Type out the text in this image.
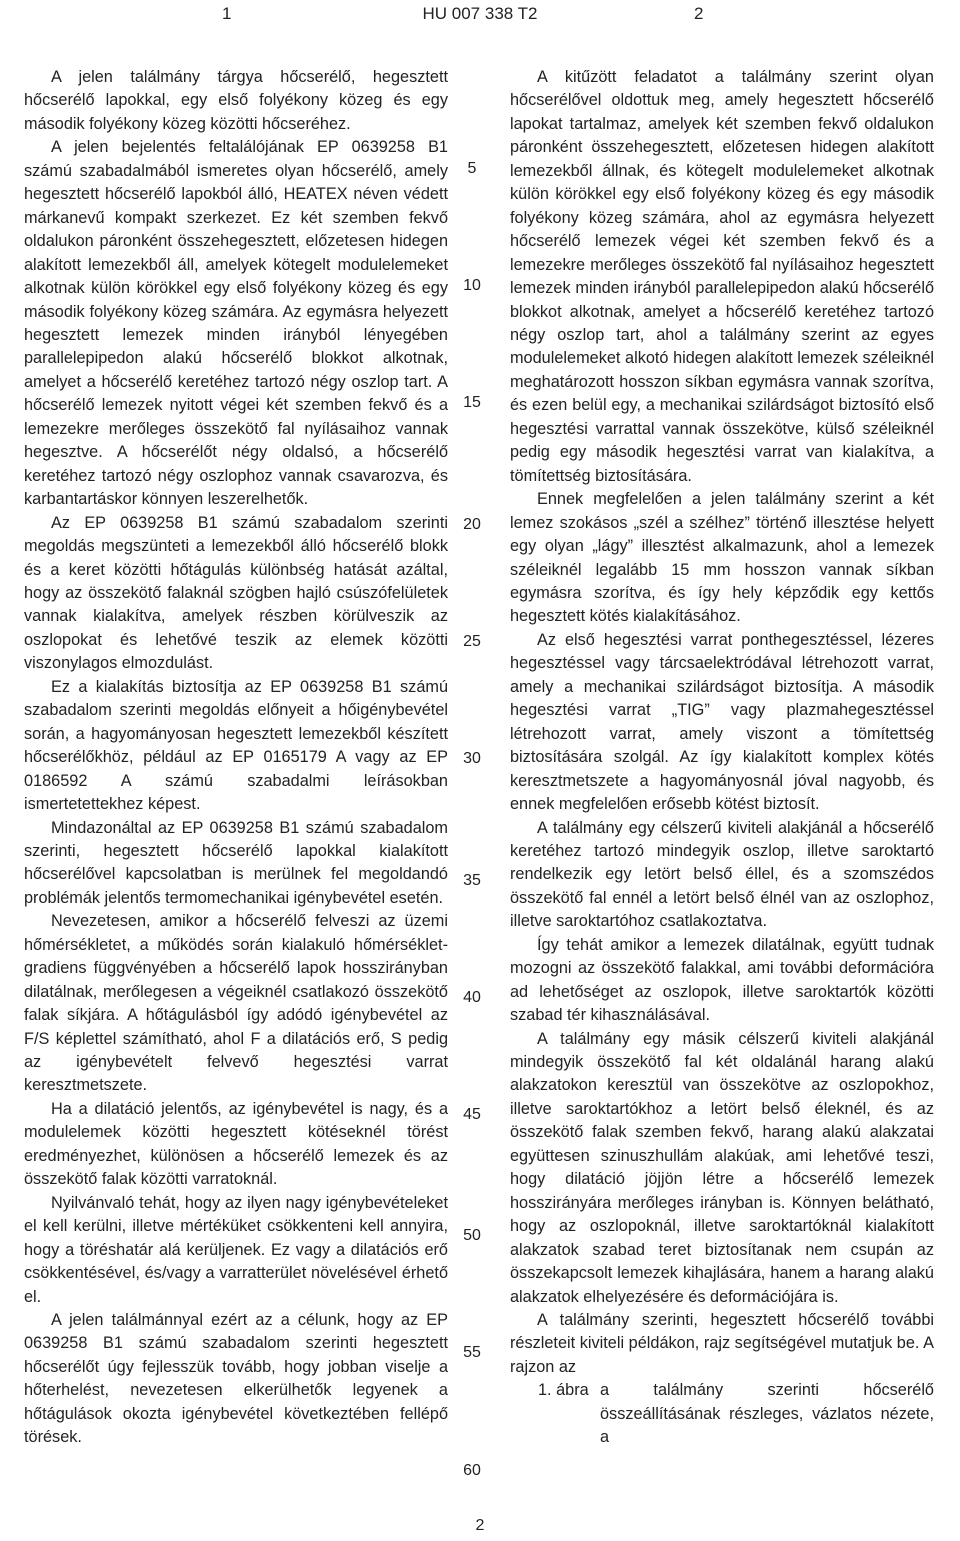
1	HU 007 338 T2	2

A jelen találmány tárgya hőcserélő, hegesztett hőcserélő lapokkal, egy első folyékony közeg és egy második folyékony közeg közötti hőcseréhez.

A jelen bejelentés feltalálójának EP 0639258 B1 számú szabadalmából ismeretes olyan hőcserélő, amely hegesztett hőcserélő lapokból álló, HEATEX néven védett márkanevű kompakt szerkezet. Ez két szemben fekvő oldalukon páronként összehegesztett, előzetesen hidegen alakított lemezekből áll, amelyek kötegelt modulelemeket alkotnak külön körökkel egy első folyékony közeg és egy második folyékony közeg számára. Az egymásra helyezett hegesztett lemezek minden irányból lényegében parallelepipedon alakú hőcserélő blokkot alkotnak, amelyet a hőcserélő keretéhez tartozó négy oszlop tart. A hőcserélő lemezek nyitott végei két szemben fekvő és a lemezekre merőleges összekötő fal nyílásaihoz vannak hegesztve. A hőcserélőt négy oldalsó, a hőcserélő keretéhez tartozó négy oszlophoz vannak csavarozva, és karbantartáskor könnyen leszerelhetők.

Az EP 0639258 B1 számú szabadalom szerinti megoldás megszünteti a lemezekből álló hőcserélő blokk és a keret közötti hőtágulás különbség hatását azáltal, hogy az összekötő falaknál szögben hajló csúszófelületek vannak kialakítva, amelyek részben körülveszik az oszlopokat és lehetővé teszik az elemek közötti viszonylagos elmozdulást.

Ez a kialakítás biztosítja az EP 0639258 B1 számú szabadalom szerinti megoldás előnyeit a hőigénybevétel során, a hagyományosan hegesztett lemezekből készített hőcserélőkhöz, például az EP 0165179 A vagy az EP 0186592 A számú szabadalmi leírásokban ismertetettekhez képest.

Mindazonáltal az EP 0639258 B1 számú szabadalom szerinti, hegesztett hőcserélő lapokkal kialakított hőcserélővel kapcsolatban is merülnek fel megoldandó problémák jelentős termomechanikai igénybevétel esetén.

Nevezetesen, amikor a hőcserélő felveszi az üzemi hőmérsékletet, a működés során kialakuló hőmérséklet-gradiens függvényében a hőcserélő lapok hosszirányban dilatálnak, merőlegesen a végeiknél csatlakozó összekötő falak síkjára. A hőtágulásból így adódó igénybevétel az F/S képlettel számítható, ahol F a dilatációs erő, S pedig az igénybevételt felvevő hegesztési varrat keresztmetszete.

Ha a dilatáció jelentős, az igénybevétel is nagy, és a modulelemek közötti hegesztett kötéseknél törést eredményezhet, különösen a hőcserélő lemezek és az összekötő falak közötti varratoknál.

Nyilvánvaló tehát, hogy az ilyen nagy igénybevételeket el kell kerülni, illetve mértéküket csökkenteni kell annyira, hogy a töréshatár alá kerüljenek. Ez vagy a dilatációs erő csökkentésével, és/vagy a varratterület növelésével érhető el.

A jelen találmánnyal ezért az a célunk, hogy az EP 0639258 B1 számú szabadalom szerinti hegesztett hőcserélőt úgy fejlesszük tovább, hogy jobban viselje a hőterhelést, nevezetesen elkerülhetők legyenek a hőtágulások okozta igénybevétel következtében fellépő törések.

A kitűzött feladatot a találmány szerint olyan hőcserélővel oldottuk meg, amely hegesztett hőcserélő lapokat tartalmaz, amelyek két szemben fekvő oldalukon páronként összehegesztett, előzetesen hidegen alakított lemezekből állnak, és kötegelt modulelemeket alkotnak külön körökkel egy első folyékony közeg és egy második folyékony közeg számára, ahol az egymásra helyezett hőcserélő lemezek végei két szemben fekvő és a lemezekre merőleges összekötő fal nyílásaihoz hegesztett lemezek minden irányból parallelepipedon alakú hőcserélő blokkot alkotnak, amelyet a hőcserélő keretéhez tartozó négy oszlop tart, ahol a találmány szerint az egyes modulelemeket alkotó hidegen alakított lemezek széleiknél meghatározott hosszon síkban egymásra vannak szorítva, és ezen belül egy, a mechanikai szilárdságot biztosító első hegesztési varrattal vannak összekötve, külső széleiknél pedig egy második hegesztési varrat van kialakítva, a tömítettség biztosítására.

Ennek megfelelően a jelen találmány szerint a két lemez szokásos „szél a szélhez” történő illesztése helyett egy olyan „lágy” illesztést alkalmazunk, ahol a lemezek széleiknél legalább 15 mm hosszon vannak síkban egymásra szorítva, és így hely képződik egy kettős hegesztett kötés kialakításához.

Az első hegesztési varrat ponthegesztéssel, lézeres hegesztéssel vagy tárcsaelektródával létrehozott varrat, amely a mechanikai szilárdságot biztosítja. A második hegesztési varrat „TIG” vagy plazmahegesztéssel létrehozott varrat, amely viszont a tömítettség biztosítására szolgál. Az így kialakított komplex kötés keresztmetszete a hagyományosnál jóval nagyobb, és ennek megfelelően erősebb kötést biztosít.

A találmány egy célszerű kiviteli alakjánál a hőcserélő keretéhez tartozó mindegyik oszlop, illetve saroktartó rendelkezik egy letört belső éllel, és a szomszédos összekötő fal ennél a letört belső élnél van az oszlophoz, illetve saroktartóhoz csatlakoztatva.

Így tehát amikor a lemezek dilatálnak, együtt tudnak mozogni az összekötő falakkal, ami további deformációra ad lehetőséget az oszlopok, illetve saroktartók közötti szabad tér kihasználásával.

A találmány egy másik célszerű kiviteli alakjánál mindegyik összekötő fal két oldalánál harang alakú alakzatokon keresztül van összekötve az oszlopokhoz, illetve saroktartókhoz a letört belső éleknél, és az összekötő falak szemben fekvő, harang alakú alakzatai együttesen szinuszhullám alakúak, ami lehetővé teszi, hogy dilatáció jöjjön létre a hőcserélő lemezek hosszirányára merőleges irányban is. Könnyen belátható, hogy az oszlopoknál, illetve saroktartóknál kialakított alakzatok szabad teret biztosítanak nem csupán az összekapcsolt lemezek kihajlására, hanem a harang alakú alakzatok elhelyezésére és deformációjára is.

A találmány szerinti, hegesztett hőcserélő további részleteit kiviteli példákon, rajz segítségével mutatjuk be. A rajzon az

1. ábra a találmány szerinti hőcserélő összeállításának részleges, vázlatos nézete, a

5
10
15
20
25
30
35
40
45
50
55
60
2
